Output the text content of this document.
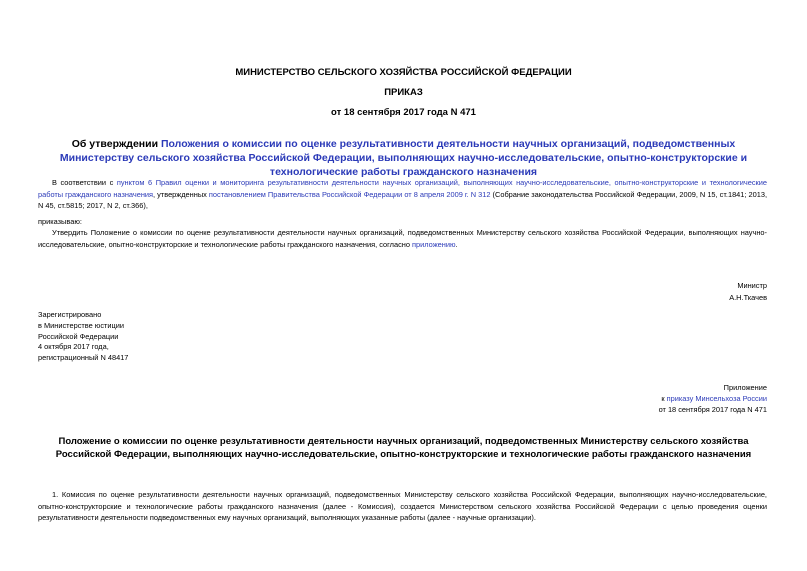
МИНИСТЕРСТВО СЕЛЬСКОГО ХОЗЯЙСТВА РОССИЙСКОЙ ФЕДЕРАЦИИ
ПРИКАЗ
от 18 сентября 2017 года N 471
Об утверждении Положения о комиссии по оценке результативности деятельности научных организаций, подведомственных Министерству сельского хозяйства Российской Федерации, выполняющих научно-исследовательские, опытно-конструкторские и технологические работы гражданского назначения
В соответствии с пунктом 6 Правил оценки и мониторинга результативности деятельности научных организаций, выполняющих научно-исследовательские, опытно-конструкторские и технологические работы гражданского назначения, утвержденных постановлением Правительства Российской Федерации от 8 апреля 2009 г. N 312 (Собрание законодательства Российской Федерации, 2009, N 15, ст.1841; 2013, N 45, ст.5815; 2017, N 2, ст.366),
приказываю:
Утвердить Положение о комиссии по оценке результативности деятельности научных организаций, подведомственных Министерству сельского хозяйства Российской Федерации, выполняющих научно-исследовательские, опытно-конструкторские и технологические работы гражданского назначения, согласно приложению.
Министр
А.Н.Ткачев
Зарегистрировано
в Министерстве юстиции
Российской Федерации
4 октября 2017 года,
регистрационный N 48417
Приложение
к приказу Минсельхоза России
от 18 сентября 2017 года N 471
Положение о комиссии по оценке результативности деятельности научных организаций, подведомственных Министерству сельского хозяйства Российской Федерации, выполняющих научно-исследовательские, опытно-конструкторские и технологические работы гражданского назначения
1. Комиссия по оценке результативности деятельности научных организаций, подведомственных Министерству сельского хозяйства Российской Федерации, выполняющих научно-исследовательские, опытно-конструкторские и технологические работы гражданского назначения (далее - Комиссия), создается Министерством сельского хозяйства Российской Федерации с целью проведения оценки результативности деятельности подведомственных ему научных организаций, выполняющих указанные работы (далее - научные организации).
